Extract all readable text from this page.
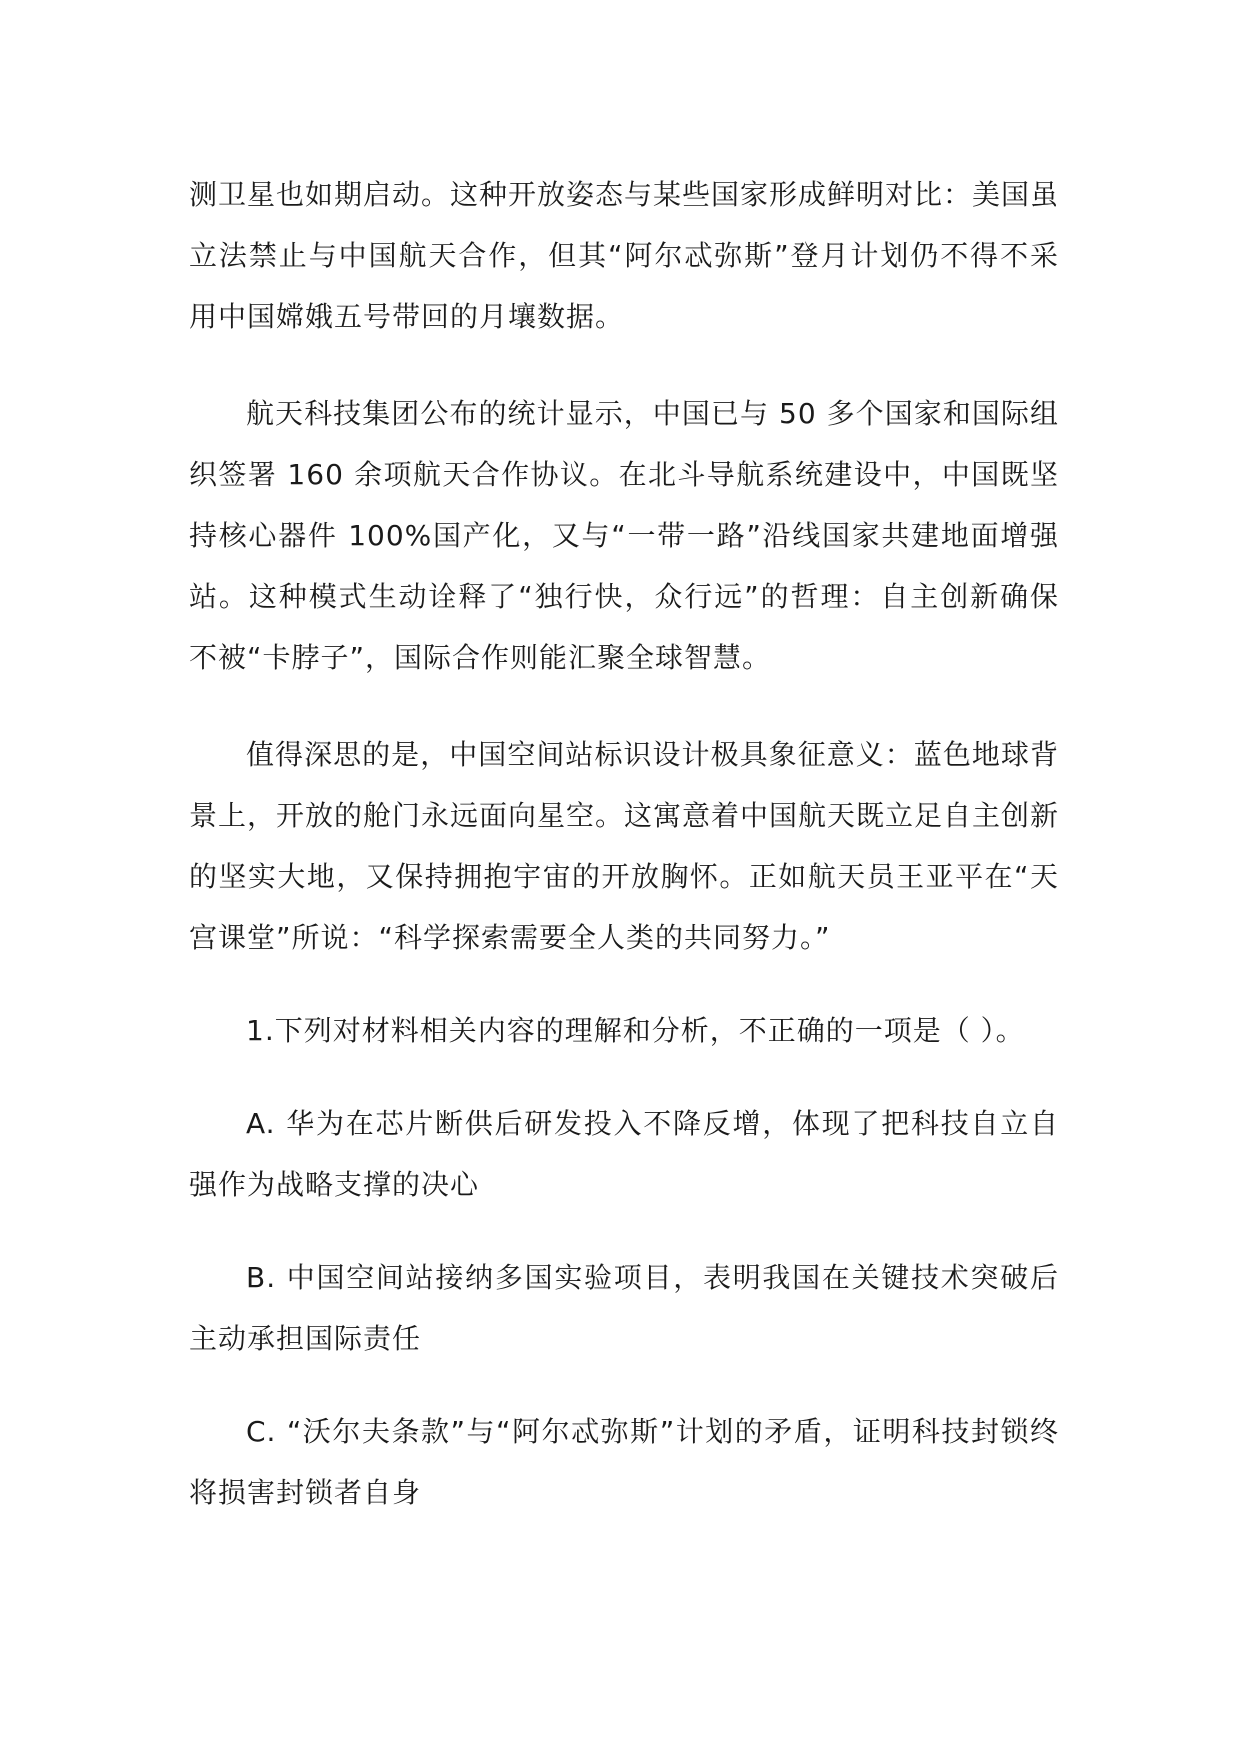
测卫星也如期启动。这种开放姿态与某些国家形成鲜明对比：美国虽立法禁止与中国航天合作，但其“阿尔忒弥斯”登月计划仍不得不采用中国嫦娥五号带回的月壤数据。

航天科技集团公布的统计显示，中国已与 50 多个国家和国际组织签署 160 余项航天合作协议。在北斗导航系统建设中，中国既坚持核心器件 100%国产化，又与“一带一路”沿线国家共建地面增强站。这种模式生动诠释了“独行快，众行远”的哲理：自主创新确保不被“卡脖子”，国际合作则能汇聚全球智慧。

值得深思的是，中国空间站标识设计极具象征意义：蓝色地球背景上，开放的舱门永远面向星空。这寓意着中国航天既立足自主创新的坚实大地，又保持拥抱宇宙的开放胸怀。正如航天员王亚平在“天宫课堂”所说：“科学探索需要全人类的共同努力。”

1.下列对材料相关内容的理解和分析，不正确的一项是（ ）。

A. 华为在芯片断供后研发投入不降反增，体现了把科技自立自强作为战略支撑的决心

B. 中国空间站接纳多国实验项目，表明我国在关键技术突破后主动承担国际责任

C. “沃尔夫条款”与“阿尔忒弥斯”计划的矛盾，证明科技封锁终将损害封锁者自身
